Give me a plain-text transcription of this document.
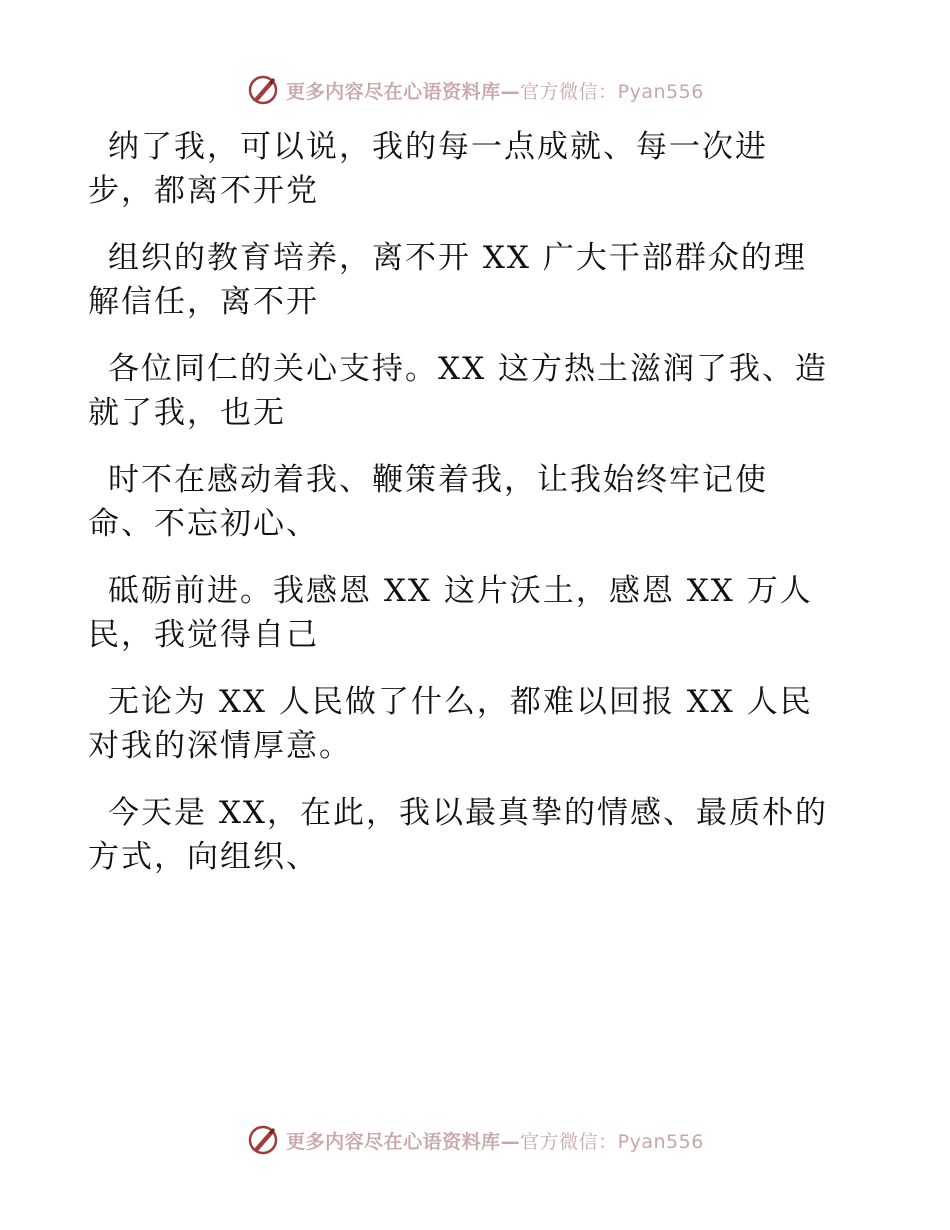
更多内容尽在心语资料库—官方微信：Pyan556

纳了我，可以说，我的每一点成就、每一次进
步，都离不开党

组织的教育培养，离不开 XX 广大干部群众的理
解信任，离不开

各位同仁的关心支持。XX 这方热土滋润了我、造
就了我，也无

时不在感动着我、鞭策着我，让我始终牢记使
命、不忘初心、

砥砺前进。我感恩 XX 这片沃土，感恩 XX 万人
民，我觉得自己

无论为 XX 人民做了什么，都难以回报 XX 人民
对我的深情厚意。

今天是 XX，在此，我以最真挚的情感、最质朴的
方式，向组织、

更多内容尽在心语资料库—官方微信：Pyan556
